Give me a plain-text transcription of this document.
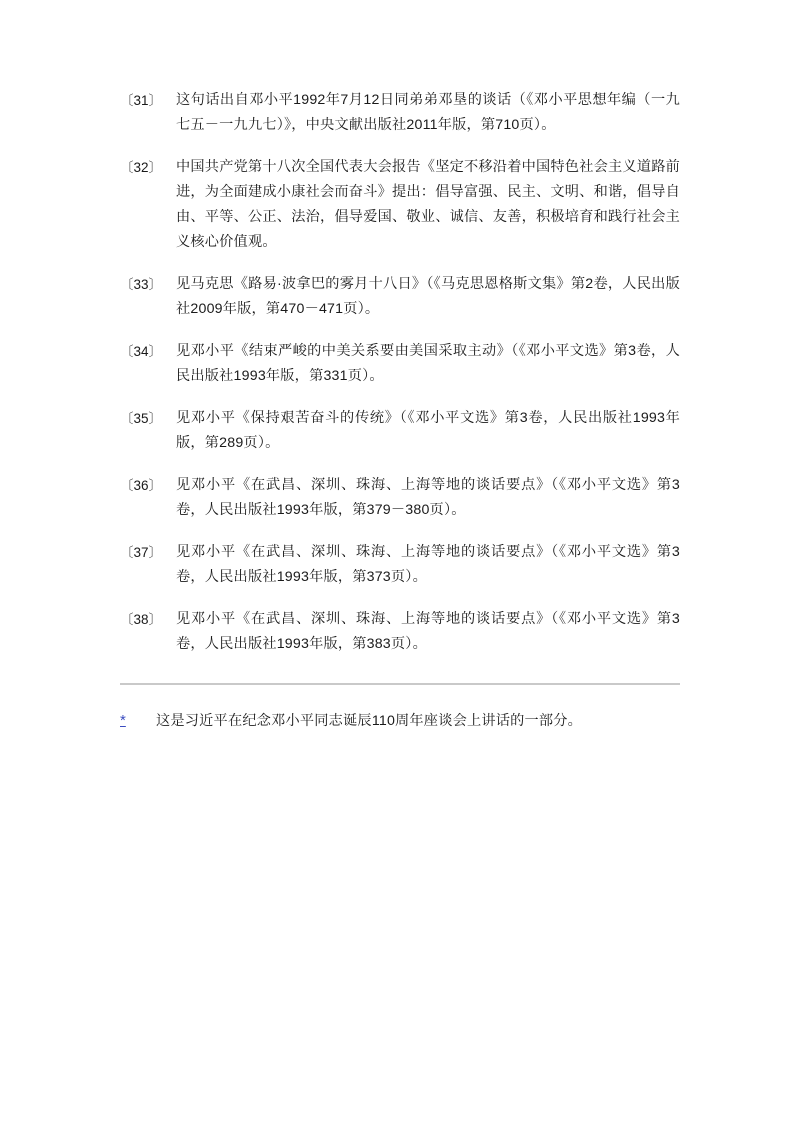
〔31〕 这句话出自邓小平1992年7月12日同弟弟邓垦的谈话（《邓小平思想年编（一九七五－一九九七）》，中央文献出版社2011年版，第710页）。
〔32〕 中国共产党第十八次全国代表大会报告《坚定不移沿着中国特色社会主义道路前进，为全面建成小康社会而奋斗》提出：倡导富强、民主、文明、和谐，倡导自由、平等、公正、法治，倡导爱国、敬业、诚信、友善，积极培育和践行社会主义核心价值观。
〔33〕 见马克思《路易·波拿巴的雾月十八日》（《马克思恩格斯文集》第2卷，人民出版社2009年版，第470－471页）。
〔34〕 见邓小平《结束严峻的中美关系要由美国采取主动》（《邓小平文选》第3卷，人民出版社1993年版，第331页）。
〔35〕 见邓小平《保持艰苦奋斗的传统》（《邓小平文选》第3卷，人民出版社1993年版，第289页）。
〔36〕 见邓小平《在武昌、深圳、珠海、上海等地的谈话要点》（《邓小平文选》第3卷，人民出版社1993年版，第379－380页）。
〔37〕 见邓小平《在武昌、深圳、珠海、上海等地的谈话要点》（《邓小平文选》第3卷，人民出版社1993年版，第373页）。
〔38〕 见邓小平《在武昌、深圳、珠海、上海等地的谈话要点》（《邓小平文选》第3卷，人民出版社1993年版，第383页）。
*	这是习近平在纪念邓小平同志诞辰110周年座谈会上讲话的一部分。
